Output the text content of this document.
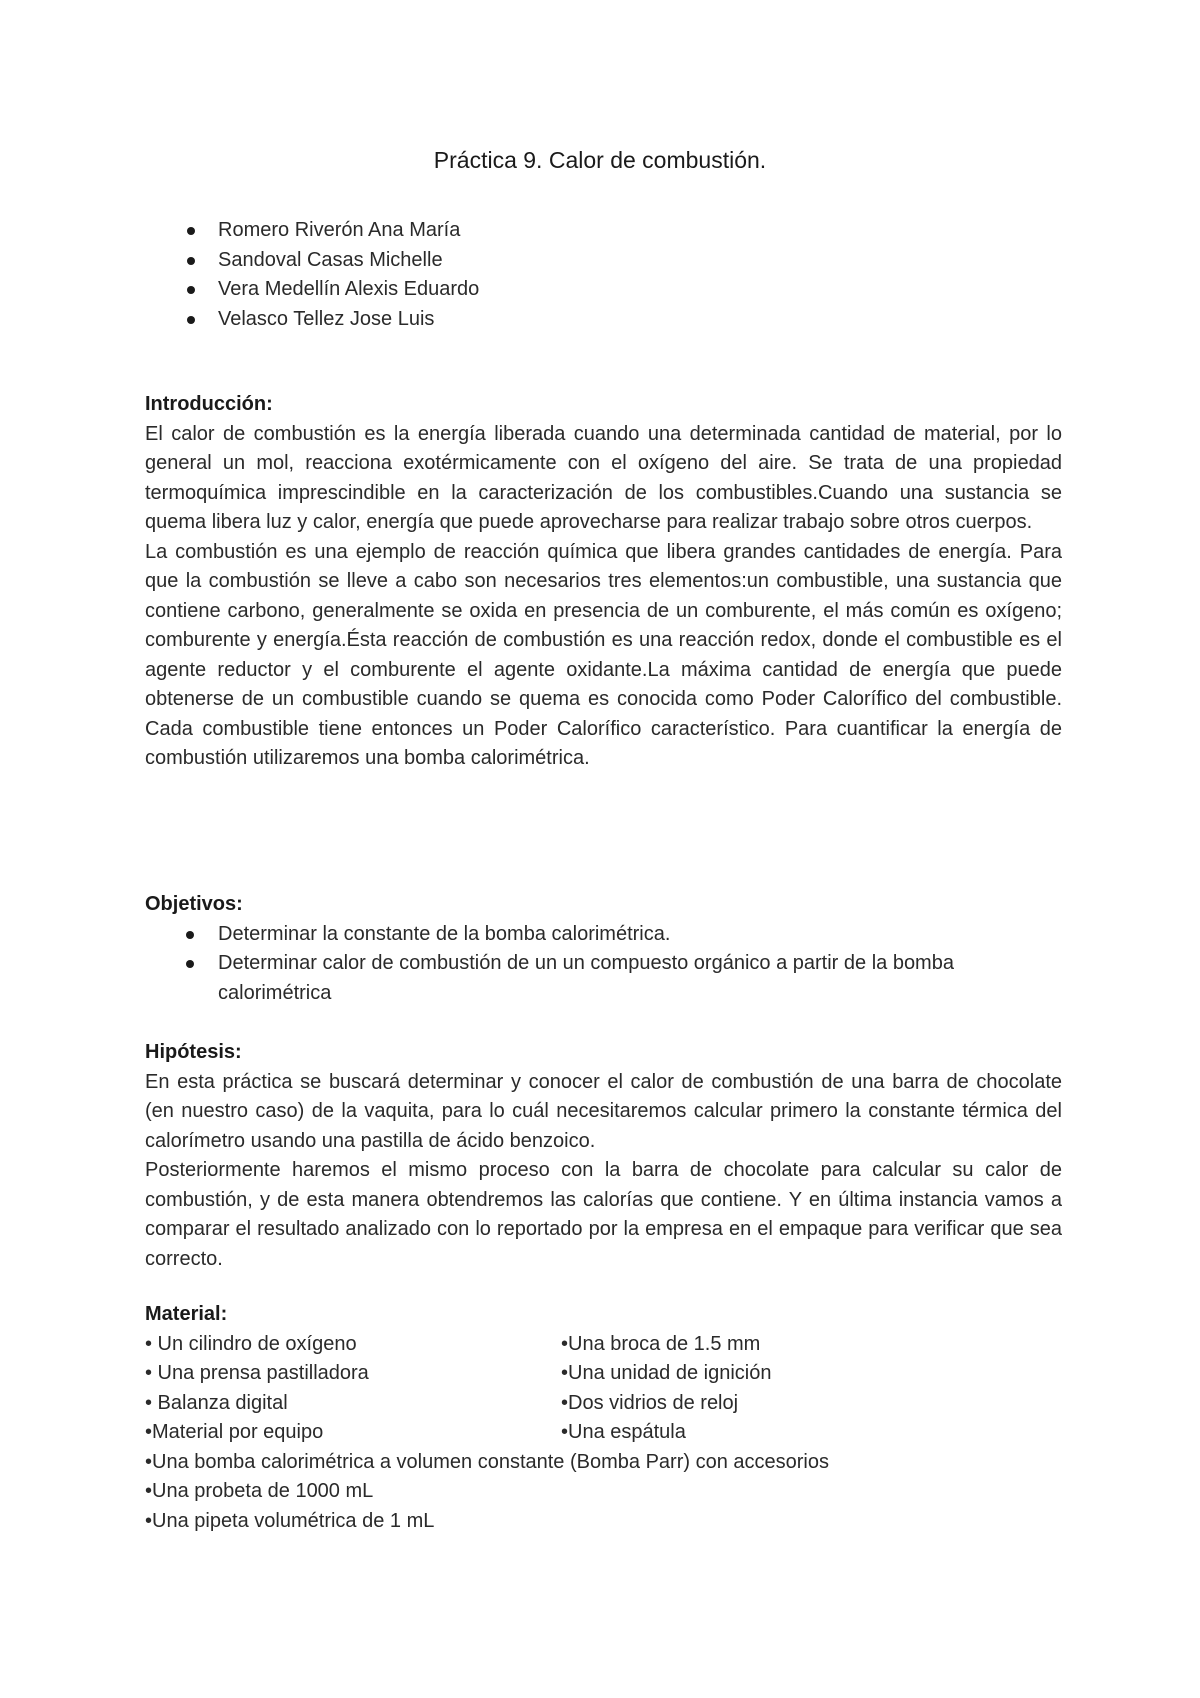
Práctica 9. Calor de combustión.
Romero Riverón Ana María
Sandoval Casas Michelle
Vera Medellín Alexis Eduardo
Velasco Tellez Jose Luis
Introducción:

El calor de combustión es la energía liberada cuando una determinada cantidad de material, por lo general un mol, reacciona exotérmicamente con el oxígeno del aire. Se trata de una propiedad termoquímica imprescindible en la caracterización de los combustibles.Cuando una sustancia se quema libera luz y calor, energía que puede aprovecharse para realizar trabajo sobre otros cuerpos.

La combustión es una ejemplo de reacción química que libera grandes cantidades de energía. Para que la combustión se lleve a cabo son necesarios tres elementos:un combustible, una sustancia que contiene carbono, generalmente se oxida en presencia de un comburente, el más común es oxígeno; comburente y energía.Ésta reacción de combustión es una reacción redox, donde el combustible es el agente reductor y el comburente el agente oxidante.La máxima cantidad de energía que puede obtenerse de un combustible cuando se quema es conocida como Poder Calorífico del combustible. Cada combustible tiene entonces un Poder Calorífico característico. Para cuantificar la energía de combustión utilizaremos una bomba calorimétrica.

Objetivos:
Determinar la constante de la bomba calorimétrica.
Determinar calor de combustión de un un compuesto orgánico a partir de la bomba calorimétrica
Hipótesis:

En esta práctica se buscará determinar y conocer el calor de combustión de una barra de chocolate (en nuestro caso) de la vaquita, para lo cuál necesitaremos calcular primero la constante térmica del calorímetro usando una pastilla de ácido benzoico.

Posteriormente haremos el mismo proceso con la barra de chocolate para calcular su calor de combustión, y de esta manera obtendremos las calorías que contiene. Y en última instancia vamos a comparar el resultado analizado con lo reportado por la empresa en el empaque para verificar que sea correcto.

Material:
• Un cilindro de oxígeno	•Una broca de 1.5 mm
• Una prensa pastilladora	•Una unidad de ignición
• Balanza digital	•Dos vidrios de reloj
•Material por equipo	•Una espátula
•Una bomba calorimétrica a volumen constante (Bomba Parr) con accesorios
•Una probeta de 1000 mL
•Una pipeta volumétrica de 1 mL
